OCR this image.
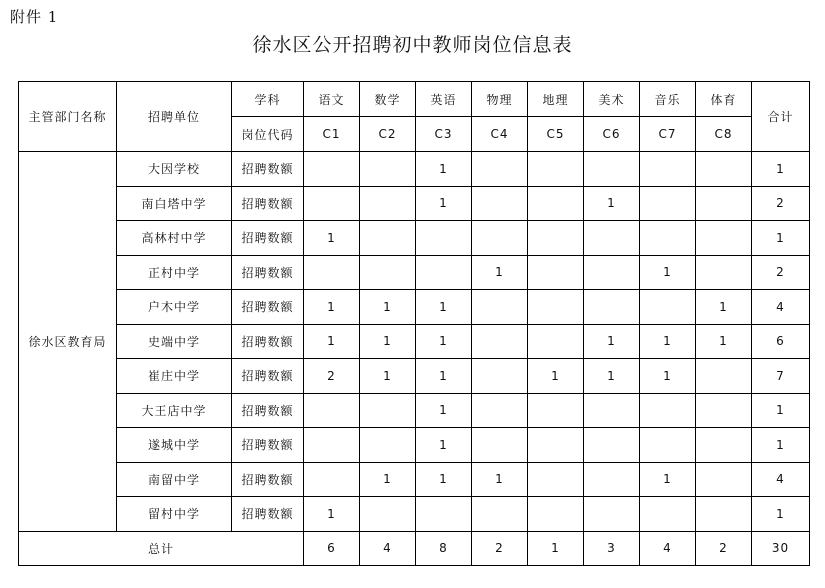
附件 1
徐水区公开招聘初中教师岗位信息表
主管部门名称	招聘单位	学科	语文	数学	英语	物理	地理	美术	音乐	体育	合计
		岗位代码	C1	C2	C3	C4	C5	C6	C7	C8	
徐水区教育局	大因学校	招聘数额			1						1
	南白塔中学	招聘数额			1			1			2
	高林村中学	招聘数额	1								1
	正村中学	招聘数额				1			1		2
	户木中学	招聘数额	1	1	1					1	4
	史端中学	招聘数额	1	1	1			1	1	1	6
	崔庄中学	招聘数额	2	1	1		1	1	1		7
	大王店中学	招聘数额			1						1
	遂城中学	招聘数额			1						1
	南留中学	招聘数额		1	1	1			1		4
	留村中学	招聘数额	1								1
总计			6	4	8	2	1	3	4	2	30
